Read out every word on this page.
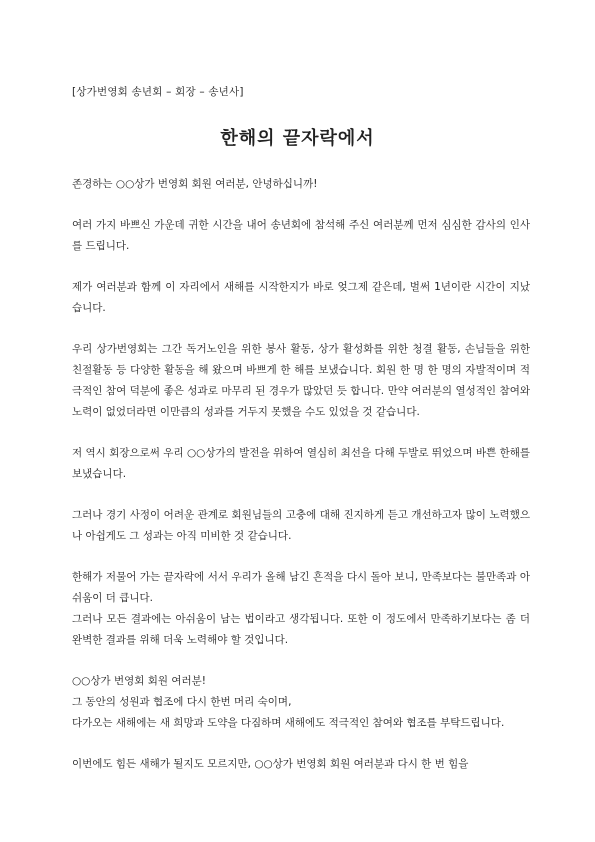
[상가번영회 송년회 – 회장 – 송년사]
한해의 끝자락에서

존경하는 ○○상가 번영회 회원 여러분, 안녕하십니까!

여러 가지 바쁘신 가운데 귀한 시간을 내어 송년회에 참석해 주신 여러분께 먼저 심심한 감사의 인사를 드립니다.

제가 여러분과 함께 이 자리에서 새해를 시작한지가 바로 엊그제 같은데, 벌써 1년이란 시간이 지났습니다.

우리 상가번영회는 그간 독거노인을 위한 봉사 활동, 상가 활성화를 위한 청결 활동, 손님들을 위한 친절활동 등 다양한 활동을 해 왔으며 바쁘게 한 해를 보냈습니다. 회원 한 명 한 명의 자발적이며 적극적인 참여 덕분에 좋은 성과로 마무리 된 경우가 많았던 듯 합니다. 만약 여러분의 열성적인 참여와 노력이 없었더라면 이만큼의 성과를 거두지 못했을 수도 있었을 것 같습니다.

저 역시 회장으로써 우리 ○○상가의 발전을 위하여 열심히 최선을 다해 두발로 뛰었으며 바쁜 한해를 보냈습니다.

그러나 경기 사정이 어려운 관계로 회원님들의 고충에 대해 진지하게 듣고 개선하고자 많이 노력했으나 아쉽게도 그 성과는 아직 미비한 것 같습니다.

한해가 저물어 가는 끝자락에 서서 우리가 올해 남긴 흔적을 다시 돌아 보니, 만족보다는 불만족과 아쉬움이 더 큽니다.
그러나 모든 결과에는 아쉬움이 남는 법이라고 생각됩니다. 또한 이 정도에서 만족하기보다는 좀 더 완벽한 결과를 위해 더욱 노력해야 할 것입니다.

○○상가 번영회 회원 여러분!
그 동안의 성원과 협조에 다시 한번 머리 숙이며,
다가오는 새해에는 새 희망과 도약을 다짐하며 새해에도 적극적인 참여와 협조를 부탁드립니다.

이번에도 힘든 새해가 될지도 모르지만, ○○상가 번영회 회원 여러분과 다시 한 번 힘을
